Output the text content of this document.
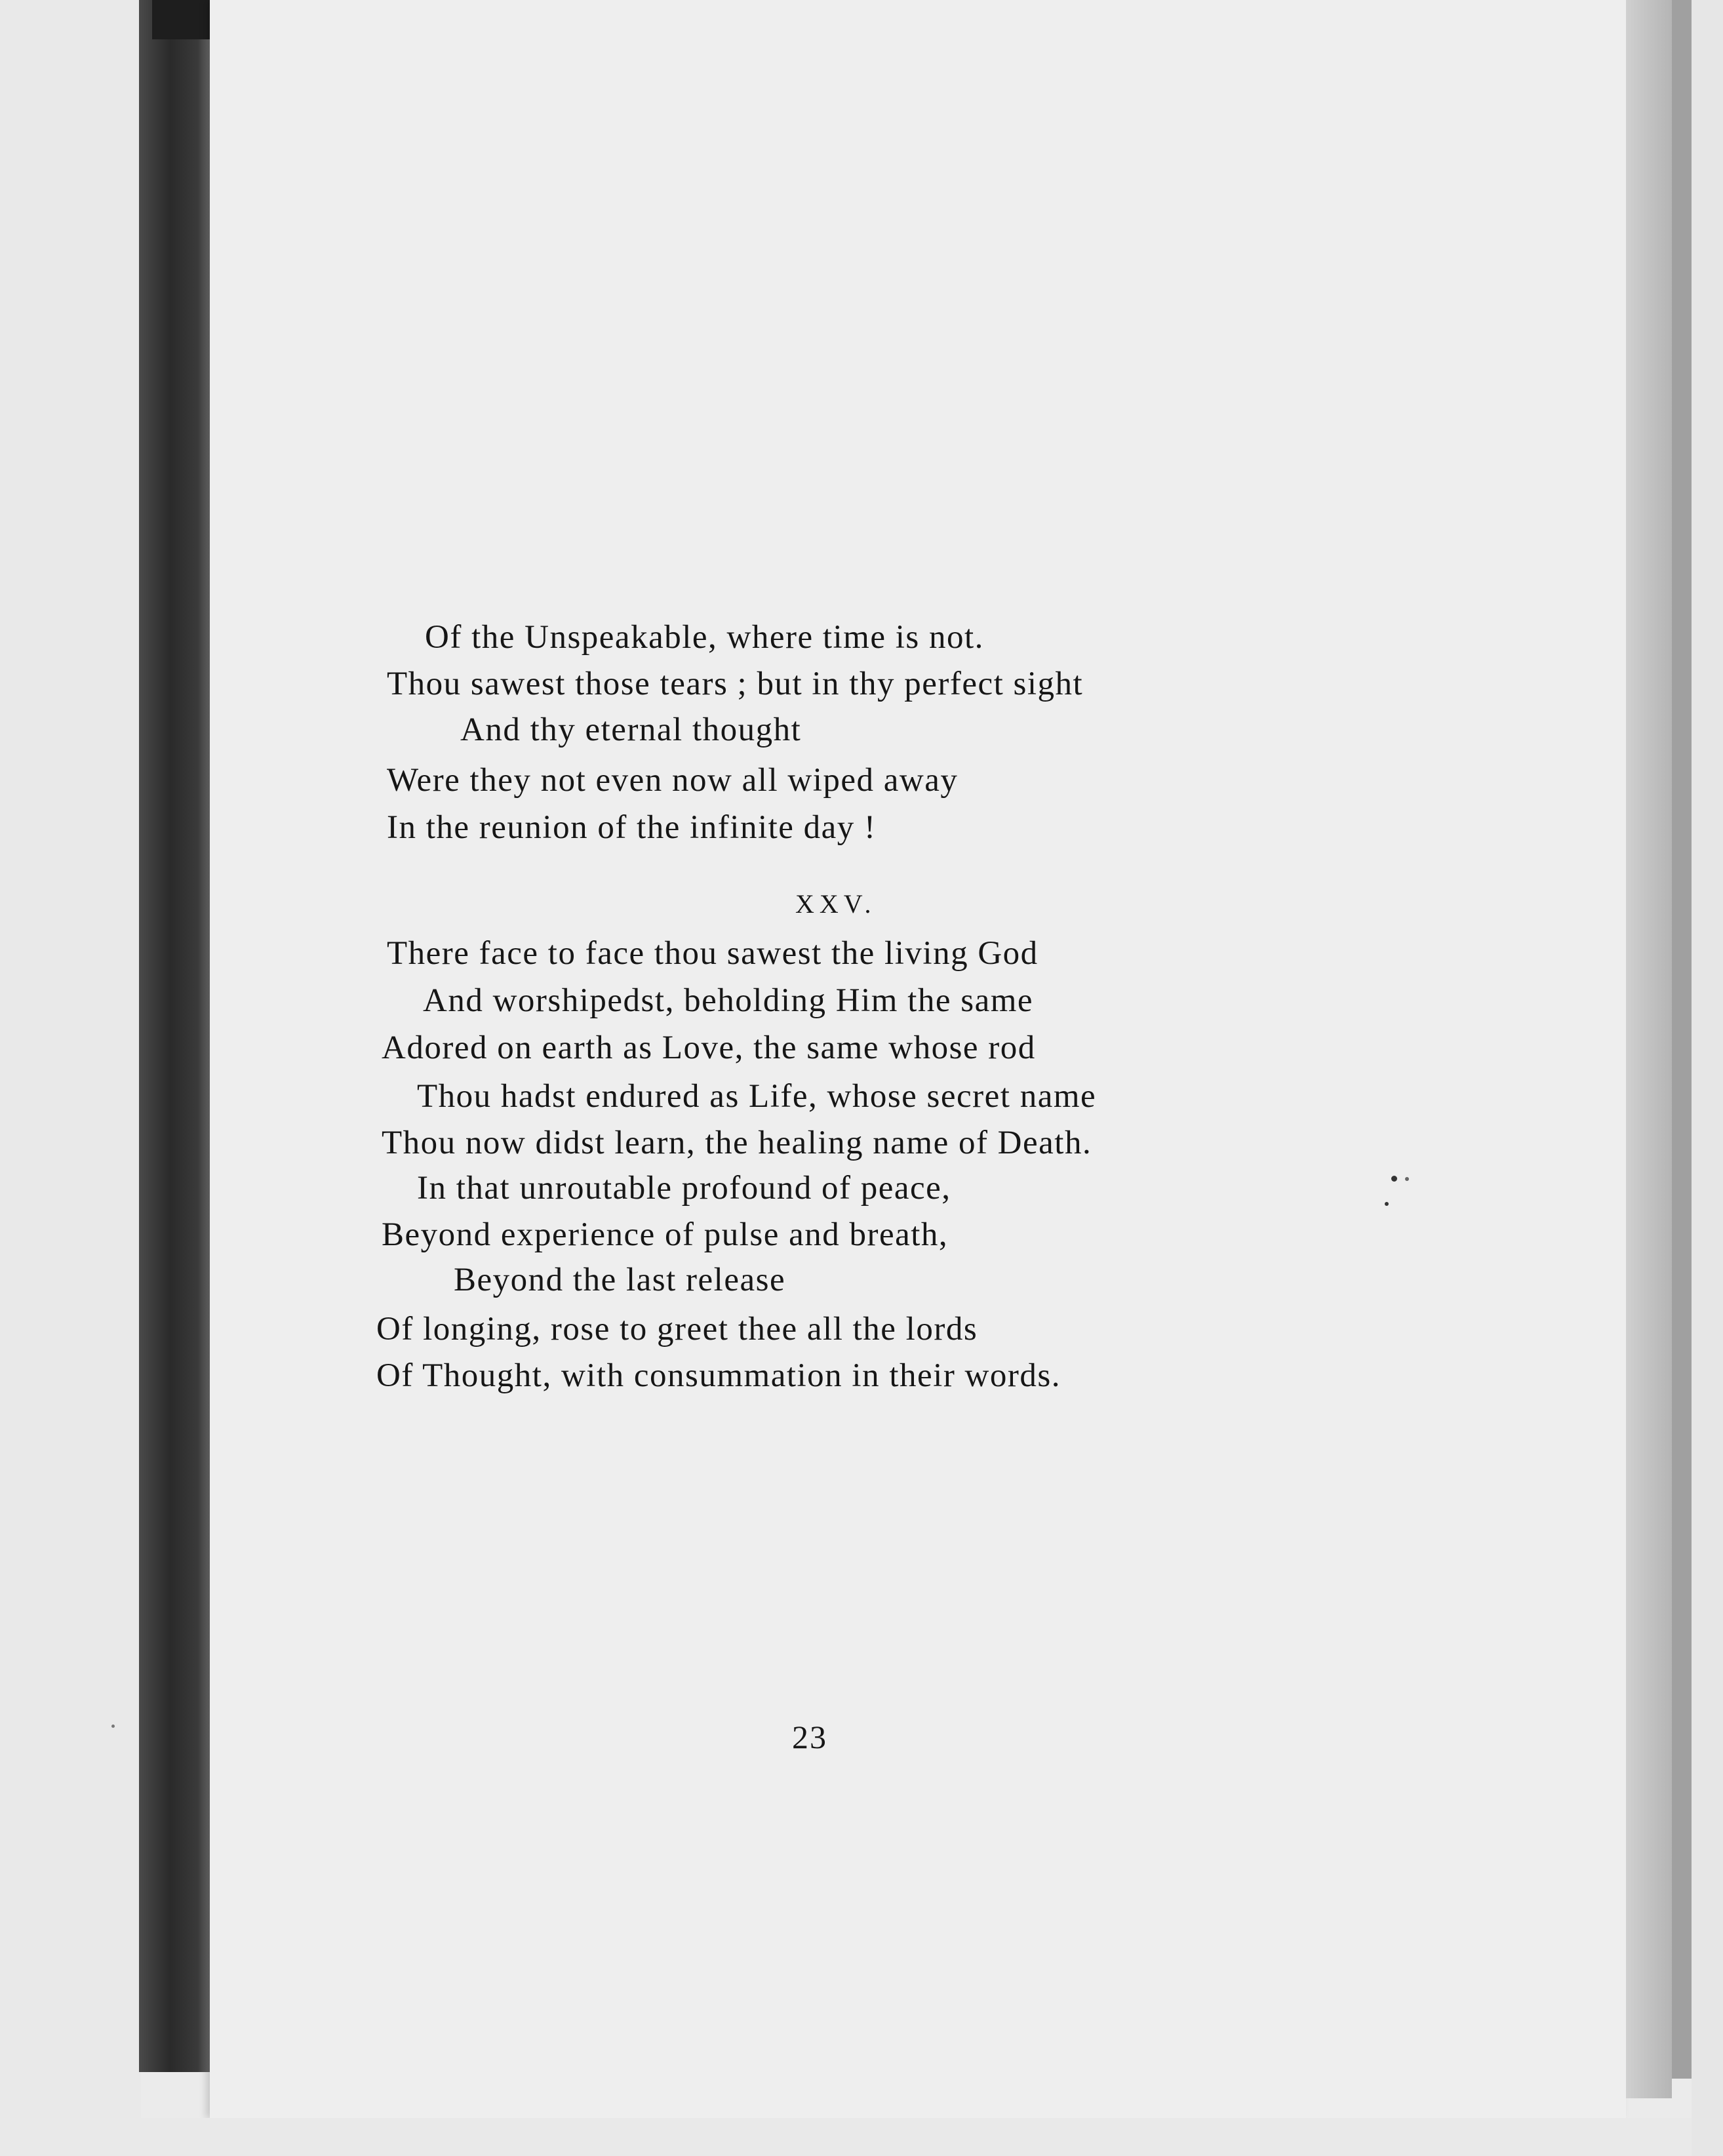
Of the Unspeakable, where time is not.
Thou sawest those tears ; but in thy perfect sight
And thy eternal thought
Were they not even now all wiped away
In the reunion of the infinite day !
XXV.
There face to face thou sawest the living God
And worshipedst, beholding Him the same
Adored on earth as Love, the same whose rod
Thou hadst endured as Life, whose secret name
Thou now didst learn, the healing name of Death.
In that unroutable profound of peace,
Beyond experience of pulse and breath,
Beyond the last release
Of longing, rose to greet thee all the lords
Of Thought, with consummation in their words.
23
